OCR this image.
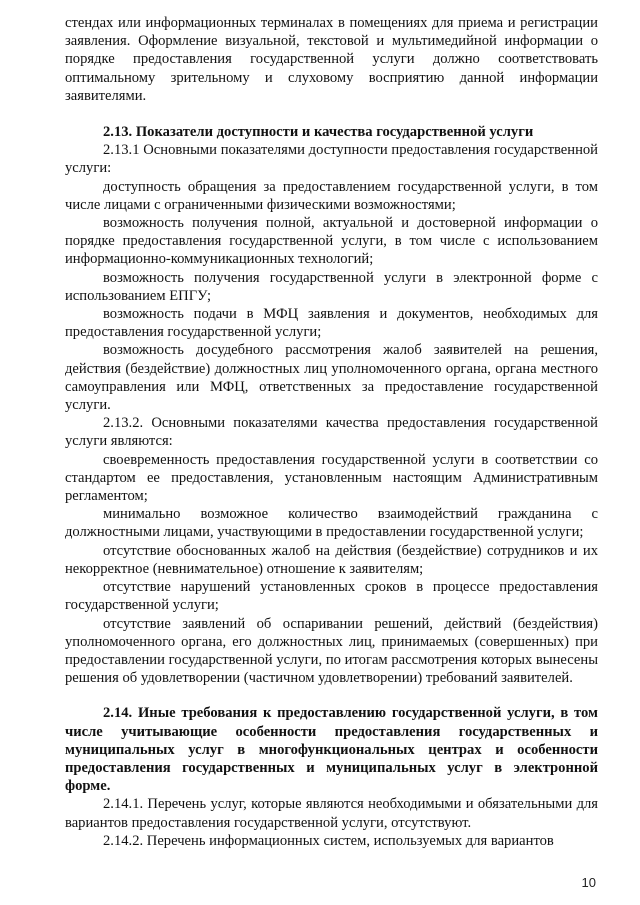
стендах или информационных терминалах в помещениях для приема и регистрации заявления. Оформление визуальной, текстовой и мультимедийной информации о порядке предоставления государственной услуги должно соответствовать оптимальному зрительному и слуховому восприятию данной информации заявителями.

2.13. Показатели доступности и качества государственной услуги

2.13.1 Основными показателями доступности предоставления государственной услуги:

доступность обращения за предоставлением государственной услуги, в том числе лицами с ограниченными физическими возможностями;

возможность получения полной, актуальной и достоверной информации о порядке предоставления государственной услуги, в том числе с использованием информационно-коммуникационных технологий;

возможность получения государственной услуги в электронной форме с использованием ЕПГУ;

возможность подачи в МФЦ заявления и документов, необходимых для предоставления государственной услуги;

возможность досудебного рассмотрения жалоб заявителей на решения, действия (бездействие) должностных лиц уполномоченного органа, органа местного самоуправления или МФЦ, ответственных за предоставление государственной услуги.

2.13.2. Основными показателями качества предоставления государственной услуги являются:

своевременность предоставления государственной услуги в соответствии со стандартом ее предоставления, установленным настоящим Административным регламентом;

минимально возможное количество взаимодействий гражданина с должностными лицами, участвующими в предоставлении государственной услуги;

отсутствие обоснованных жалоб на действия (бездействие) сотрудников и их некорректное (невнимательное) отношение к заявителям;

отсутствие нарушений установленных сроков в процессе предоставления государственной услуги;

отсутствие заявлений об оспаривании решений, действий (бездействия) уполномоченного органа, его должностных лиц, принимаемых (совершенных) при предоставлении государственной услуги, по итогам рассмотрения которых вынесены решения об удовлетворении (частичном удовлетворении) требований заявителей.

2.14. Иные требования к предоставлению государственной услуги, в том числе учитывающие особенности предоставления государственных и муниципальных услуг в многофункциональных центрах и особенности предоставления государственных и муниципальных услуг в электронной форме.

2.14.1. Перечень услуг, которые являются необходимыми и обязательными для вариантов предоставления государственной услуги, отсутствуют.

2.14.2. Перечень информационных систем, используемых для вариантов

10
